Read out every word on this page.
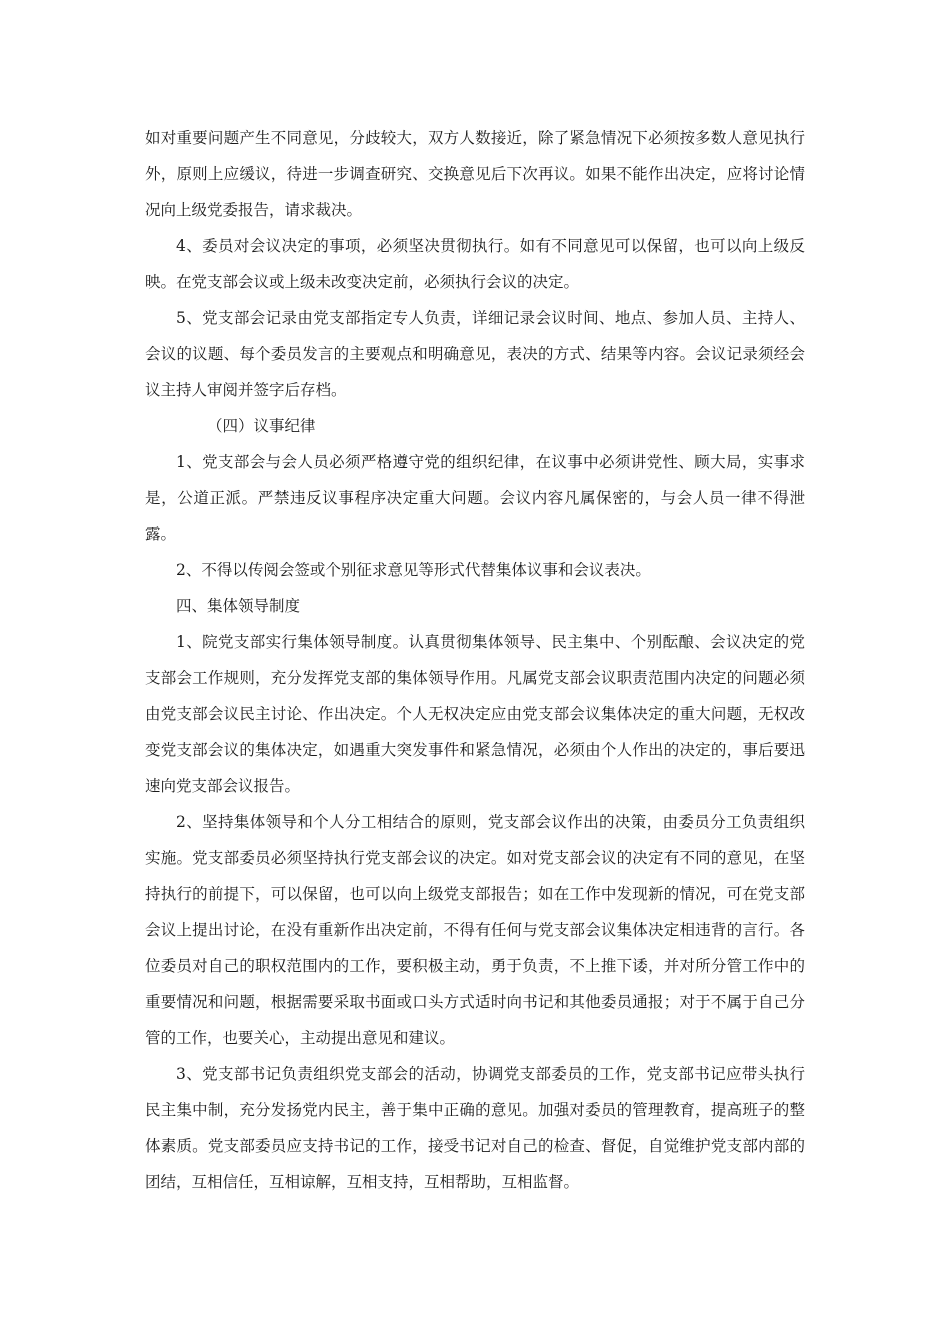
如对重要问题产生不同意见，分歧较大，双方人数接近，除了紧急情况下必须按多数人意见执行外，原则上应缓议，待进一步调查研究、交换意见后下次再议。如果不能作出决定，应将讨论情况向上级党委报告，请求裁决。

4、委员对会议决定的事项，必须坚决贯彻执行。如有不同意见可以保留，也可以向上级反映。在党支部会议或上级未改变决定前，必须执行会议的决定。

5、党支部会记录由党支部指定专人负责，详细记录会议时间、地点、参加人员、主持人、会议的议题、每个委员发言的主要观点和明确意见，表决的方式、结果等内容。会议记录须经会议主持人审阅并签字后存档。

（四）议事纪律

1、党支部会与会人员必须严格遵守党的组织纪律，在议事中必须讲党性、顾大局，实事求是，公道正派。严禁违反议事程序决定重大问题。会议内容凡属保密的，与会人员一律不得泄露。

2、不得以传阅会签或个别征求意见等形式代替集体议事和会议表决。

四、集体领导制度

1、院党支部实行集体领导制度。认真贯彻集体领导、民主集中、个别酝酿、会议决定的党支部会工作规则，充分发挥党支部的集体领导作用。凡属党支部会议职责范围内决定的问题必须由党支部会议民主讨论、作出决定。个人无权决定应由党支部会议集体决定的重大问题，无权改变党支部会议的集体决定，如遇重大突发事件和紧急情况，必须由个人作出的决定的，事后要迅速向党支部会议报告。

2、坚持集体领导和个人分工相结合的原则，党支部会议作出的决策，由委员分工负责组织实施。党支部委员必须坚持执行党支部会议的决定。如对党支部会议的决定有不同的意见，在坚持执行的前提下，可以保留，也可以向上级党支部报告；如在工作中发现新的情况，可在党支部会议上提出讨论，在没有重新作出决定前，不得有任何与党支部会议集体决定相违背的言行。各位委员对自己的职权范围内的工作，要积极主动，勇于负责，不上推下诿，并对所分管工作中的重要情况和问题，根据需要采取书面或口头方式适时向书记和其他委员通报；对于不属于自己分管的工作，也要关心，主动提出意见和建议。

3、党支部书记负责组织党支部会的活动，协调党支部委员的工作，党支部书记应带头执行民主集中制，充分发扬党内民主，善于集中正确的意见。加强对委员的管理教育，提高班子的整体素质。党支部委员应支持书记的工作，接受书记对自己的检查、督促，自觉维护党支部内部的团结，互相信任，互相谅解，互相支持，互相帮助，互相监督。
